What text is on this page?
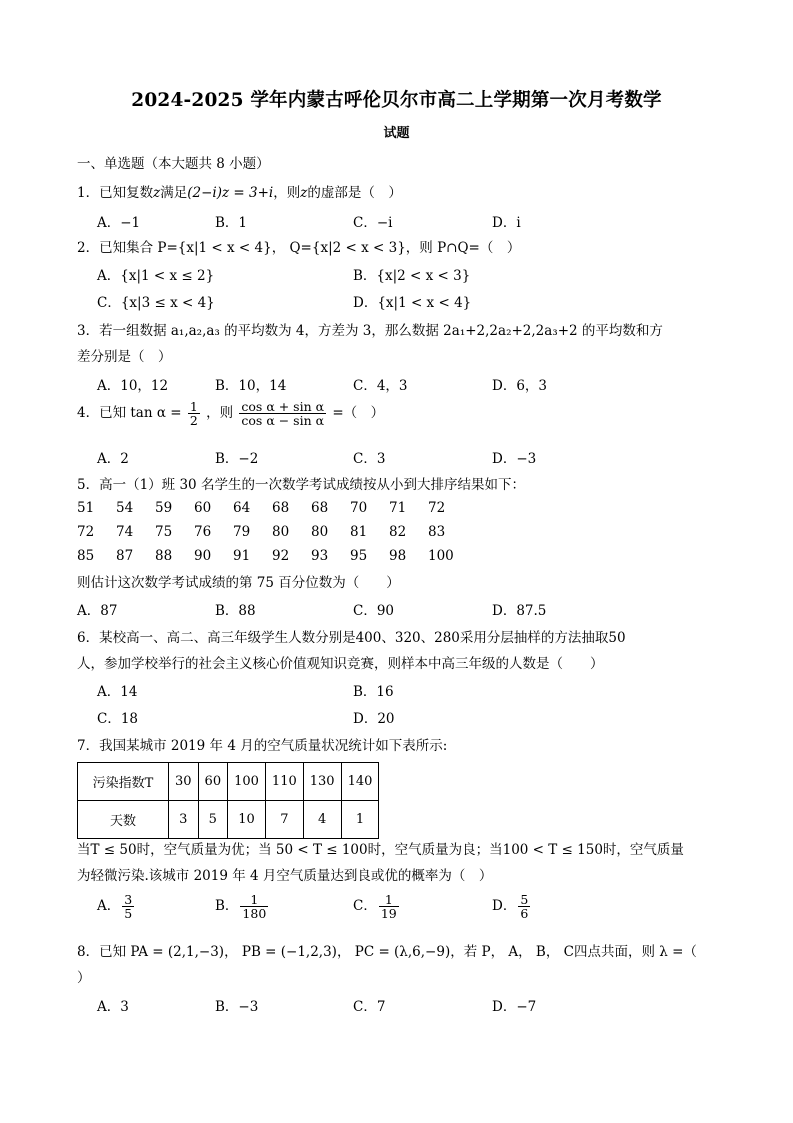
2024-2025 学年内蒙古呼伦贝尔市高二上学期第一次月考数学
试题
一、单选题（本大题共 8 小题）
1．已知复数z满足(2−i)z = 3+i，则z的虚部是（　）
A．−1	B．1	C．−i	D．i
2．已知集合 P={x|1 < x < 4}， Q={x|2 < x < 3}，则 P∩Q=（　）
A．{x|1 < x ≤ 2}	B．{x|2 < x < 3}
C．{x|3 ≤ x < 4}	D．{x|1 < x < 4}
3．若一组数据 a₁,a₂,a₃ 的平均数为 4，方差为 3，那么数据 2a₁+2,2a₂+2,2a₃+2 的平均数和方
差分别是（　）
A．10，12	B．10，14	C．4，3	D．6，3
4．已知 $\tan \alpha = \frac{1}{2}$ ，则 $\frac{\text{cos α + sin α}}{\text{cos α − sin α}}$ =（　）
A．2	B．−2	C．3	D．−3
5．高一（1）班 30 名学生的一次数学考试成绩按从小到大排序结果如下：
51 54 59 60 64 68 68 70 71 72
72 74 75 76 79 80 80 81 82 83
85 87 88 90 91 92 93 95 98 100
则估计这次数学考试成绩的第 75 百分位数为（　　）
A．87	B．88	C．90	D．87.5
6．某校高一、高二、高三年级学生人数分别是400、320、280采用分层抽样的方法抽取50
人，参加学校举行的社会主义核心价值观知识竞赛，则样本中高三年级的人数是（　　）
A．14	B．16
C．18	D．20
7．我国某城市 2019 年 4 月的空气质量状况统计如下表所示:
污染指数T	30	60	100	110	130	140
天数	3	5	10	7	4	1
当T ≤ 50时，空气质量为优；当 50 < T ≤ 100时，空气质量为良；当100 < T ≤ 150时，空气质量
为轻微污染.该城市 2019 年 4 月空气质量达到良或优的概率为（　）
A． $\frac{3}{5}$	B． $\frac{1}{180}$	C． $\frac{1}{19}$	D． $\frac{5}{6}$
8．已知 PA = (2,1,−3)， PB = (−1,2,3)， PC = (λ,6,−9)，若 P， A， B， C四点共面，则 λ =（
）
A．3	B．−3	C．7	D．−7
